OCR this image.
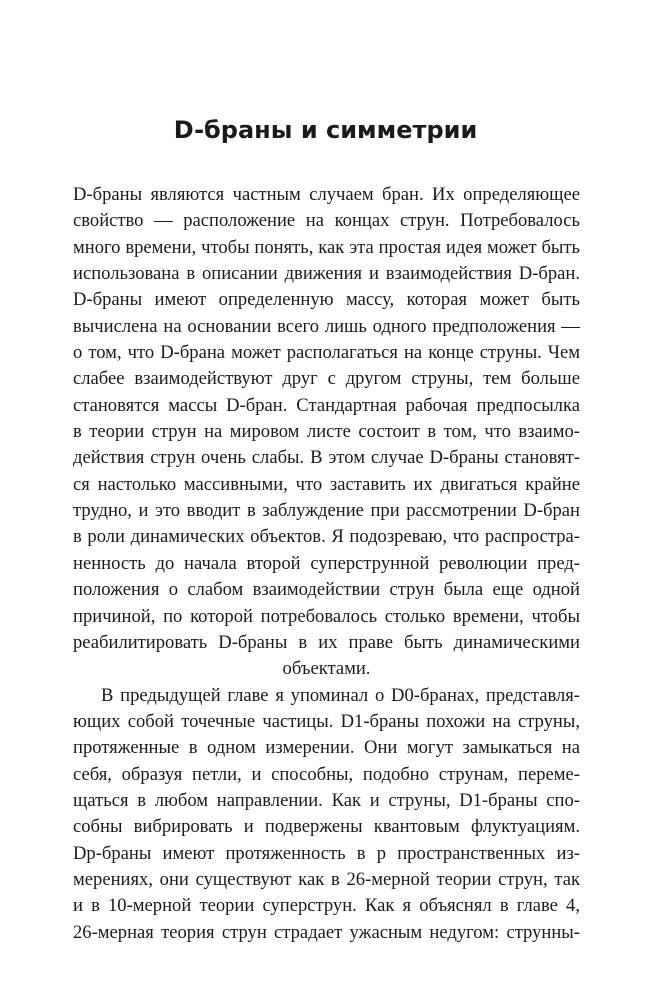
D-браны и симметрии
D-браны являются частным случаем бран. Их определяющее
свойство — расположение на концах струн. Потребовалось
много времени, чтобы понять, как эта простая идея может быть
использована в описании движения и взаимодействия D-бран.
D-браны имеют определенную массу, которая может быть
вычислена на основании всего лишь одного предположения —
о том, что D-брана может располагаться на конце струны. Чем
слабее взаимодействуют друг с другом струны, тем больше
становятся массы D-бран. Стандартная рабочая предпосылка
в теории струн на мировом листе состоит в том, что взаимо-
действия струн очень слабы. В этом случае D-браны становят-
ся настолько массивными, что заставить их двигаться крайне
трудно, и это вводит в заблуждение при рассмотрении D-бран
в роли динамических объектов. Я подозреваю, что распростра-
ненность до начала второй суперструнной революции пред-
положения о слабом взаимодействии струн была еще одной
причиной, по которой потребовалось столько времени, чтобы
реабилитировать D-браны в их праве быть динамическими
объектами.
В предыдущей главе я упоминал о D0-бранах, представля-
ющих собой точечные частицы. D1-браны похожи на струны,
протяженные в одном измерении. Они могут замыкаться на
себя, образуя петли, и способны, подобно струнам, переме-
щаться в любом направлении. Как и струны, D1-браны спо-
собны вибрировать и подвержены квантовым флуктуациям.
Dp-браны имеют протяженность в p пространственных из-
мерениях, они существуют как в 26-мерной теории струн, так
и в 10-мерной теории суперструн. Как я объяснял в главе 4,
26-мерная теория струн страдает ужасным недугом: струнны-
